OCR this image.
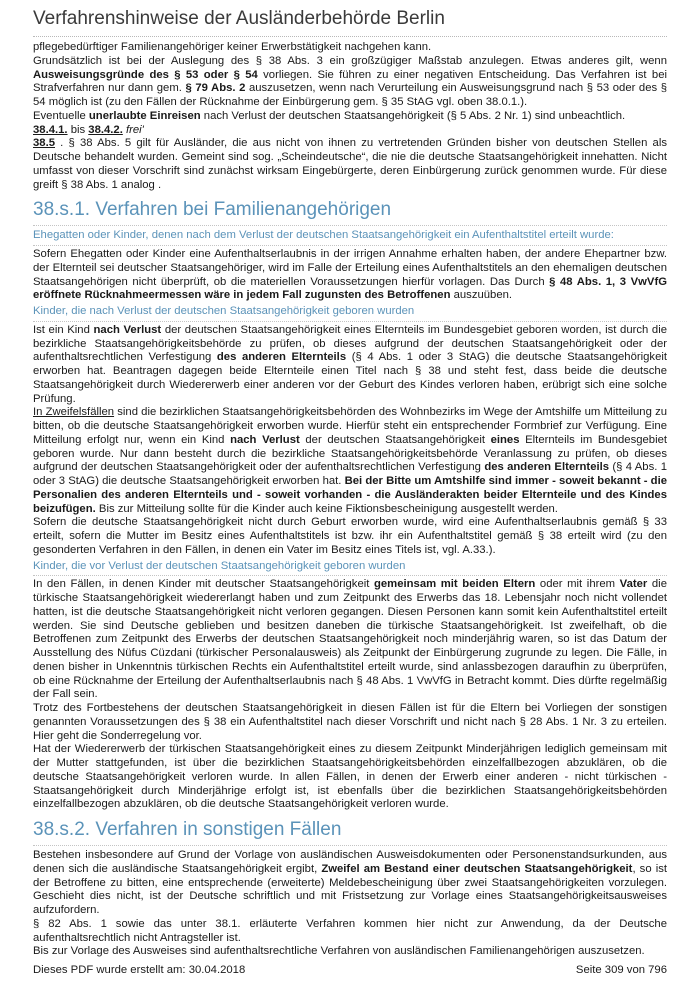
Verfahrenshinweise der Ausländerbehörde Berlin
pflegebedürftiger Familienangehöriger keiner Erwerbstätigkeit nachgehen kann.
Grundsätzlich ist bei der Auslegung des § 38 Abs. 3 ein großzügiger Maßstab anzulegen. Etwas anderes gilt, wenn Ausweisungsgründe des § 53 oder § 54 vorliegen. Sie führen zu einer negativen Entscheidung. Das Verfahren ist bei Strafverfahren nur dann gem. § 79 Abs. 2 auszusetzen, wenn nach Verurteilung ein Ausweisungsgrund nach § 53 oder des § 54 möglich ist (zu den Fällen der Rücknahme der Einbürgerung gem. § 35 StAG vgl. oben 38.0.1.).
Eventuelle unerlaubte Einreisen nach Verlust der deutschen Staatsangehörigkeit (§ 5 Abs. 2 Nr. 1) sind unbeachtlich.
38.4.1. bis 38.4.2. frei'
38.5 . § 38 Abs. 5 gilt für Ausländer, die aus nicht von ihnen zu vertretenden Gründen bisher von deutschen Stellen als Deutsche behandelt wurden. Gemeint sind sog. „Scheindeutsche“, die nie die deutsche Staatsangehörigkeit innehatten. Nicht umfasst von dieser Vorschrift sind zunächst wirksam Eingebürgerte, deren Einbürgerung zurück genommen wurde. Für diese greift § 38 Abs. 1 analog .
38.s.1. Verfahren bei Familienangehörigen
Ehegatten oder Kinder, denen nach dem Verlust der deutschen Staatsangehörigkeit ein Aufenthaltstitel erteilt wurde:
Sofern Ehegatten oder Kinder eine Aufenthaltserlaubnis in der irrigen Annahme erhalten haben, der andere Ehepartner bzw. der Elternteil sei deutscher Staatsangehöriger, wird im Falle der Erteilung eines Aufenthaltstitels an den ehemaligen deutschen Staatsangehörigen nicht überprüft, ob die materiellen Voraussetzungen hierfür vorlagen. Das Durch § 48 Abs. 1, 3 VwVfG eröffnete Rücknahmeermessen wäre in jedem Fall zugunsten des Betroffenen auszuüben.
Kinder, die nach Verlust der deutschen Staatsangehörigkeit geboren wurden
Ist ein Kind nach Verlust der deutschen Staatsangehörigkeit eines Elternteils im Bundesgebiet geboren worden, ist durch die bezirkliche Staatsangehörigkeitsbehörde zu prüfen, ob dieses aufgrund der deutschen Staatsangehörigkeit oder der aufenthaltsrechtlichen Verfestigung des anderen Elternteils (§ 4 Abs. 1 oder 3 StAG) die deutsche Staatsangehörigkeit erworben hat. Beantragen dagegen beide Elternteile einen Titel nach § 38 und steht fest, dass beide die deutsche Staatsangehörigkeit durch Wiedererwerb einer anderen vor der Geburt des Kindes verloren haben, erübrigt sich eine solche Prüfung.
In Zweifelsfällen sind die bezirklichen Staatsangehörigkeitsbehörden des Wohnbezirks im Wege der Amtshilfe um Mitteilung zu bitten, ob die deutsche Staatsangehörigkeit erworben wurde. Hierfür steht ein entsprechender Formbrief zur Verfügung. Eine Mitteilung erfolgt nur, wenn ein Kind nach Verlust der deutschen Staatsangehörigkeit eines Elternteils im Bundesgebiet geboren wurde. Nur dann besteht durch die bezirkliche Staatsangehörigkeitsbehörde Veranlassung zu prüfen, ob dieses aufgrund der deutschen Staatsangehörigkeit oder der aufenthaltsrechtlichen Verfestigung des anderen Elternteils (§ 4 Abs. 1 oder 3 StAG) die deutsche Staatsangehörigkeit erworben hat. Bei der Bitte um Amtshilfe sind immer - soweit bekannt - die Personalien des anderen Elternteils und - soweit vorhanden - die Ausländerakten beider Elternteile und des Kindes beizufügen. Bis zur Mitteilung sollte für die Kinder auch keine Fiktionsbescheinigung ausgestellt werden.
Sofern die deutsche Staatsangehörigkeit nicht durch Geburt erworben wurde, wird eine Aufenthaltserlaubnis gemäß § 33 erteilt, sofern die Mutter im Besitz eines Aufenthaltstitels ist bzw. ihr ein Aufenthaltstitel gemäß § 38 erteilt wird (zu den gesonderten Verfahren in den Fällen, in denen ein Vater im Besitz eines Titels ist, vgl. A.33.).
Kinder, die vor Verlust der deutschen Staatsangehörigkeit geboren wurden
In den Fällen, in denen Kinder mit deutscher Staatsangehörigkeit gemeinsam mit beiden Eltern oder mit ihrem Vater die türkische Staatsangehörigkeit wiedererlangt haben und zum Zeitpunkt des Erwerbs das 18. Lebensjahr noch nicht vollendet hatten, ist die deutsche Staatsangehörigkeit nicht verloren gegangen. Diesen Personen kann somit kein Aufenthaltstitel erteilt werden. Sie sind Deutsche geblieben und besitzen daneben die türkische Staatsangehörigkeit. Ist zweifelhaft, ob die Betroffenen zum Zeitpunkt des Erwerbs der deutschen Staatsangehörigkeit noch minderjährig waren, so ist das Datum der Ausstellung des Nüfus Cüzdani (türkischer Personalausweis) als Zeitpunkt der Einbürgerung zugrunde zu legen. Die Fälle, in denen bisher in Unkenntnis türkischen Rechts ein Aufenthaltstitel erteilt wurde, sind anlassbezogen daraufhin zu überprüfen, ob eine Rücknahme der Erteilung der Aufenthaltserlaubnis nach § 48 Abs. 1 VwVfG in Betracht kommt. Dies dürfte regelmäßig der Fall sein.
Trotz des Fortbestehens der deutschen Staatsangehörigkeit in diesen Fällen ist für die Eltern bei Vorliegen der sonstigen genannten Voraussetzungen des § 38 ein Aufenthaltstitel nach dieser Vorschrift und nicht nach § 28 Abs. 1 Nr. 3 zu erteilen. Hier geht die Sonderregelung vor.
Hat der Wiedererwerb der türkischen Staatsangehörigkeit eines zu diesem Zeitpunkt Minderjährigen lediglich gemeinsam mit der Mutter stattgefunden, ist über die bezirklichen Staatsangehörigkeitsbehörden einzelfallbezogen abzuklären, ob die deutsche Staatsangehörigkeit verloren wurde. In allen Fällen, in denen der Erwerb einer anderen - nicht türkischen - Staatsangehörigkeit durch Minderjährige erfolgt ist, ist ebenfalls über die bezirklichen Staatsangehörigkeitsbehörden einzelfallbezogen abzuklären, ob die deutsche Staatsangehörigkeit verloren wurde.
38.s.2. Verfahren in sonstigen Fällen
Bestehen insbesondere auf Grund der Vorlage von ausländischen Ausweisdokumenten oder Personenstandsurkunden, aus denen sich die ausländische Staatsangehörigkeit ergibt, Zweifel am Bestand einer deutschen Staatsangehörigkeit, so ist der Betroffene zu bitten, eine entsprechende (erweiterte) Meldebescheinigung über zwei Staatsangehörigkeiten vorzulegen. Geschieht dies nicht, ist der Deutsche schriftlich und mit Fristsetzung zur Vorlage eines Staatsangehörigkeitsausweises aufzufordern.
§ 82 Abs. 1 sowie das unter 38.1. erläuterte Verfahren kommen hier nicht zur Anwendung, da der Deutsche aufenthaltsrechtlich nicht Antragsteller ist.
Bis zur Vorlage des Ausweises sind aufenthaltsrechtliche Verfahren von ausländischen Familienangehörigen auszusetzen.
Dieses PDF wurde erstellt am: 30.04.2018	Seite 309 von 796
